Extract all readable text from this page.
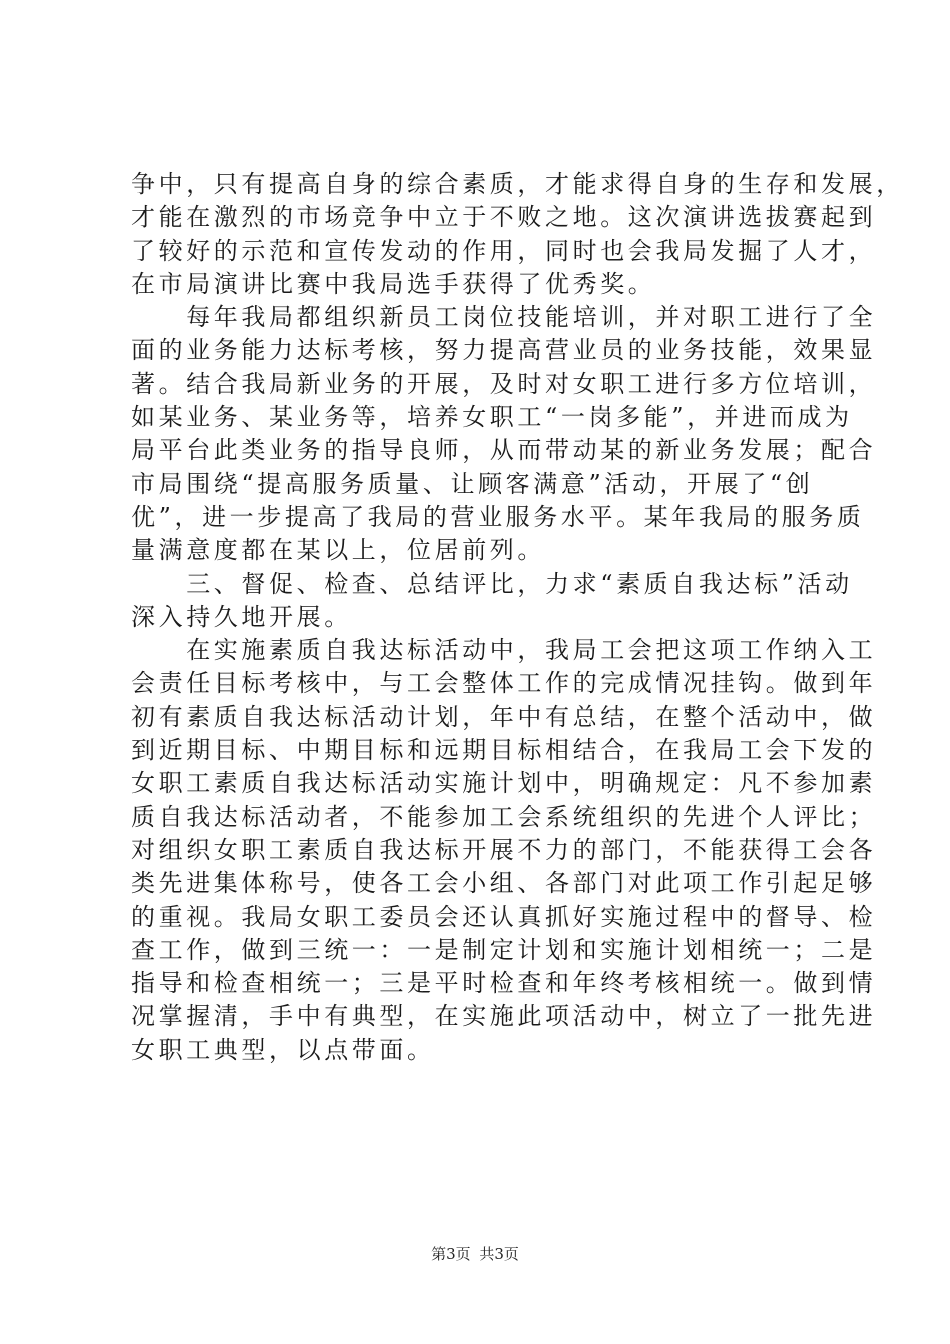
争中，只有提高自身的综合素质，才能求得自身的生存和发展，
才能在激烈的市场竞争中立于不败之地。这次演讲选拔赛起到
了较好的示范和宣传发动的作用，同时也会我局发掘了人才，
在市局演讲比赛中我局选手获得了优秀奖。
　　每年我局都组织新员工岗位技能培训，并对职工进行了全
面的业务能力达标考核，努力提高营业员的业务技能，效果显
著。结合我局新业务的开展，及时对女职工进行多方位培训，
如某业务、某业务等，培养女职工“一岗多能”，并进而成为
局平台此类业务的指导良师，从而带动某的新业务发展；配合
市局围绕“提高服务质量、让顾客满意”活动，开展了“创
优”，进一步提高了我局的营业服务水平。某年我局的服务质
量满意度都在某以上，位居前列。
　　三、督促、检查、总结评比，力求“素质自我达标”活动
深入持久地开展。
　　在实施素质自我达标活动中，我局工会把这项工作纳入工
会责任目标考核中，与工会整体工作的完成情况挂钩。做到年
初有素质自我达标活动计划，年中有总结，在整个活动中，做
到近期目标、中期目标和远期目标相结合，在我局工会下发的
女职工素质自我达标活动实施计划中，明确规定：凡不参加素
质自我达标活动者，不能参加工会系统组织的先进个人评比；
对组织女职工素质自我达标开展不力的部门，不能获得工会各
类先进集体称号，使各工会小组、各部门对此项工作引起足够
的重视。我局女职工委员会还认真抓好实施过程中的督导、检
查工作，做到三统一：一是制定计划和实施计划相统一；二是
指导和检查相统一；三是平时检查和年终考核相统一。做到情
况掌握清，手中有典型，在实施此项活动中，树立了一批先进
女职工典型，以点带面。
第3页 共3页
